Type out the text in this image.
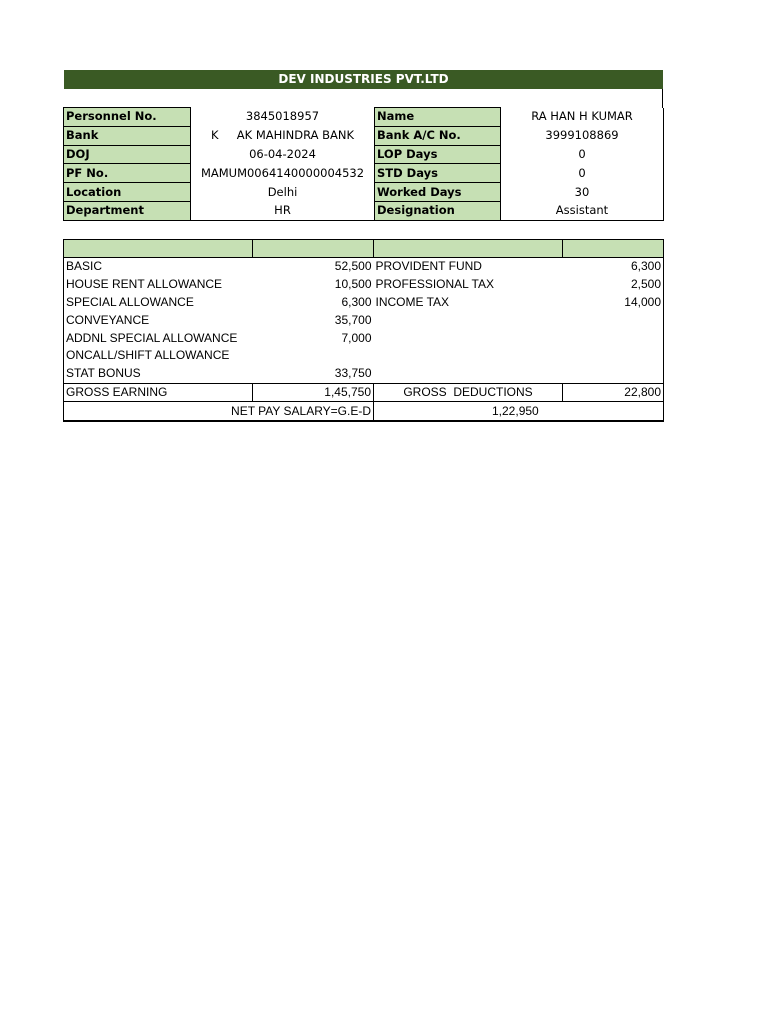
DEV INDUSTRIES PVT.LTD
Personnel No.	3845018957	Name	RA HAN H KUMAR
Bank	K     AK MAHINDRA BANK	Bank A/C No.	3999108869
DOJ	06-04-2024	LOP Days	0
PF No.	MAMUM0064140000004532	STD Days	0
Location	Delhi	Worked Days	30
Department	HR	Designation	Assistant

BASIC	52,500	PROVIDENT FUND	6,300
HOUSE RENT ALLOWANCE	10,500	PROFESSIONAL TAX	2,500
SPECIAL ALLOWANCE	6,300	INCOME TAX	14,000
CONVEYANCE	35,700		
ADDNL SPECIAL ALLOWANCE	7,000		
ONCALL/SHIFT ALLOWANCE			
STAT BONUS	33,750		
GROSS EARNING	1,45,750	GROSS  DEDUCTIONS	22,800
NET PAY SALARY=G.E-D		1,22,950	
